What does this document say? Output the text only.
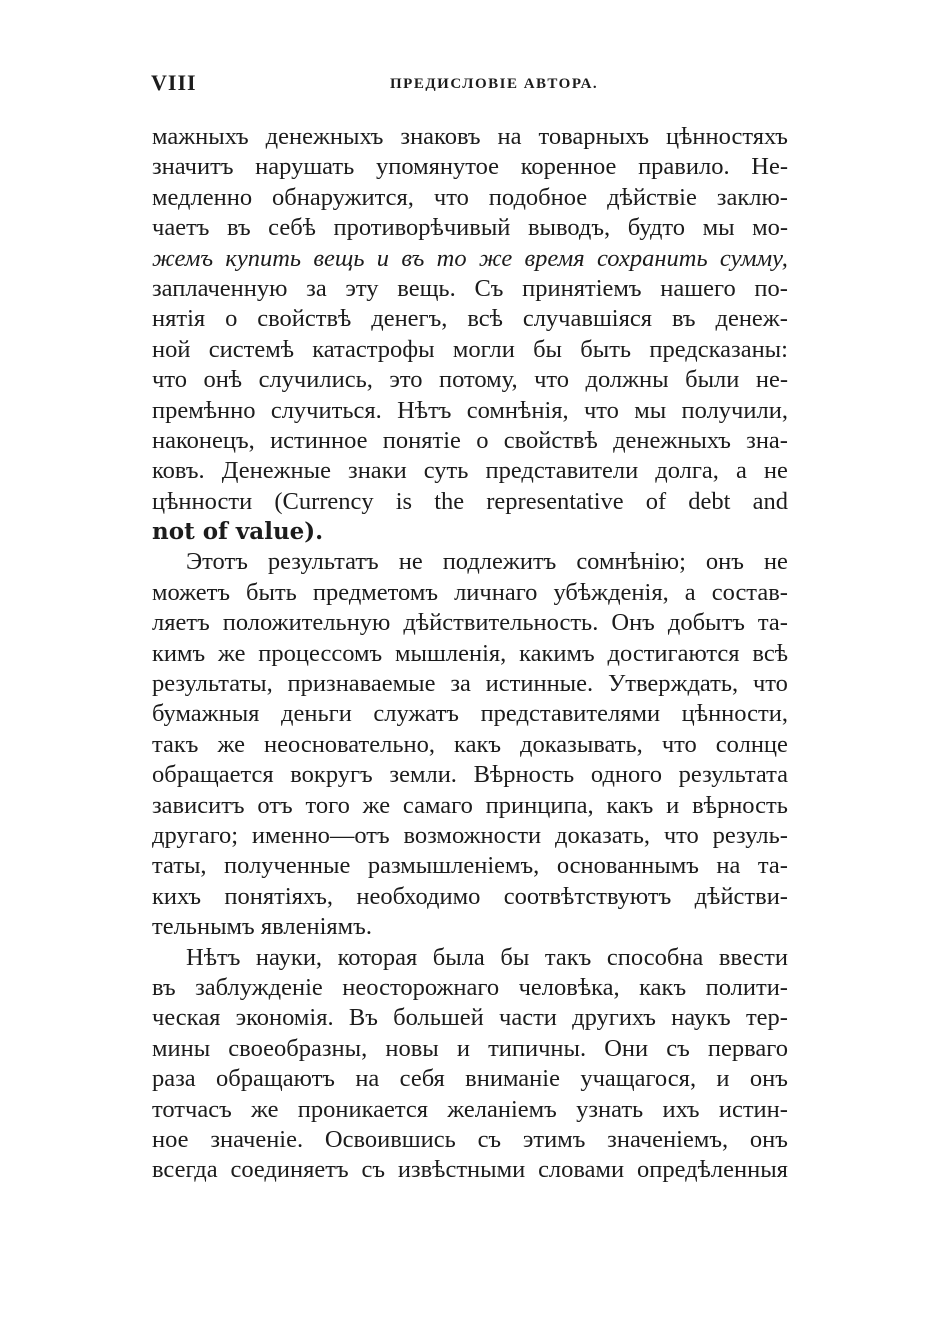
VIII	ПРЕДИСЛОВІЕ АВТОРА.
мажныхъ денежныхъ знаковъ на товарныхъ цѣнностяхъ
значитъ нарушать упомянутое коренное правило. Не-
медленно обнаружится, что подобное дѣйствіе заклю-
чаетъ въ себѣ противорѣчивый выводъ, будто мы мо-
жемъ купить вещь и въ то же время сохранить сумму,
заплаченную за эту вещь. Съ принятіемъ нашего по-
нятія о свойствѣ денегъ, всѣ случавшіяся въ денеж-
ной системѣ катастрофы могли бы быть предсказаны:
что онѣ случились, это потому, что должны были не-
премѣнно случиться. Нѣтъ сомнѣнія, что мы получили,
наконецъ, истинное понятіе о свойствѣ денежныхъ зна-
ковъ. Денежные знаки суть представители долга, а не
цѣнности (Currency is the representative of debt and
not of value).
Этотъ результатъ не подлежитъ сомнѣнію; онъ не
можетъ быть предметомъ личнаго убѣжденія, а состав-
ляетъ положительную дѣйствительность. Онъ добытъ та-
кимъ же процессомъ мышленія, какимъ достигаются всѣ
результаты, признаваемые за истинные. Утверждать, что
бумажныя деньги служатъ представителями цѣнности,
такъ же неосновательно, какъ доказывать, что солнце
обращается вокругъ земли. Вѣрность одного результата
зависитъ отъ того же самаго принципа, какъ и вѣрность
другаго; именно—отъ возможности доказать, что резуль-
таты, полученные размышленіемъ, основаннымъ на та-
кихъ понятіяхъ, необходимо соотвѣтствуютъ дѣйстви-
тельнымъ явленіямъ.
Нѣтъ науки, которая была бы такъ способна ввести
въ заблужденіе неосторожнаго человѣка, какъ полити-
ческая экономія. Въ большей части другихъ наукъ тер-
мины своеобразны, новы и типичны. Они съ перваго
раза обращаютъ на себя вниманіе учащагося, и онъ
тотчасъ же проникается желаніемъ узнать ихъ истин-
ное значеніе. Освоившись съ этимъ значеніемъ, онъ
всегда соединяетъ съ извѣстными словами опредѣленныя
